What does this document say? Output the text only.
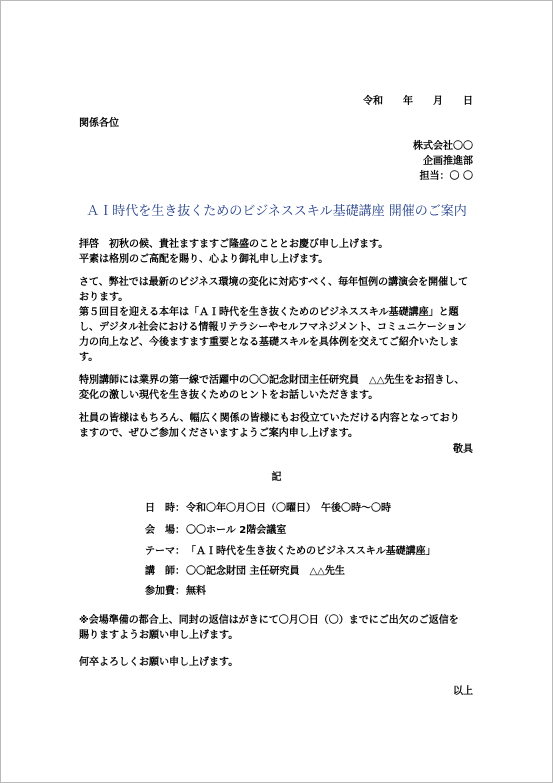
令和　　年　　月　　日
関係各位
株式会社〇〇
企画推進部
担当：〇 〇
ＡＩ時代を生き抜くためのビジネススキル基礎講座 開催のご案内
拝啓　初秋の候、貴社ますますご隆盛のこととお慶び申し上げます。
平素は格別のご高配を賜り、心より御礼申し上げます。
さて、弊社では最新のビジネス環境の変化に対応すべく、毎年恒例の講演会を開催して
おります。
第５回目を迎える本年は「ＡＩ時代を生き抜くためのビジネススキル基礎講座」と題
し、デジタル社会における情報リテラシーやセルフマネジメント、コミュニケーション
力の向上など、今後ますます重要となる基礎スキルを具体例を交えてご紹介いたしま
す。
特別講師には業界の第一線で活躍中の〇〇記念財団主任研究員　△△先生をお招きし、
変化の激しい現代を生き抜くためのヒントをお話しいただきます。
社員の皆様はもちろん、幅広く関係の皆様にもお役立ていただける内容となっており
ますので、ぜひご参加くださいますようご案内申し上げます。
敬具
記
日　時： 令和〇年〇月〇日（〇曜日）　午後〇時～〇時
会　場： 〇〇ホール 2階会議室
テーマ： 「ＡＩ時代を生き抜くためのビジネススキル基礎講座」
講　師： 〇〇記念財団 主任研究員　△△先生
参加費： 無料
※会場準備の都合上、同封の返信はがきにて〇月〇日（〇）までにご出欠のご返信を
賜りますようお願い申し上げます。
何卒よろしくお願い申し上げます。
以上
